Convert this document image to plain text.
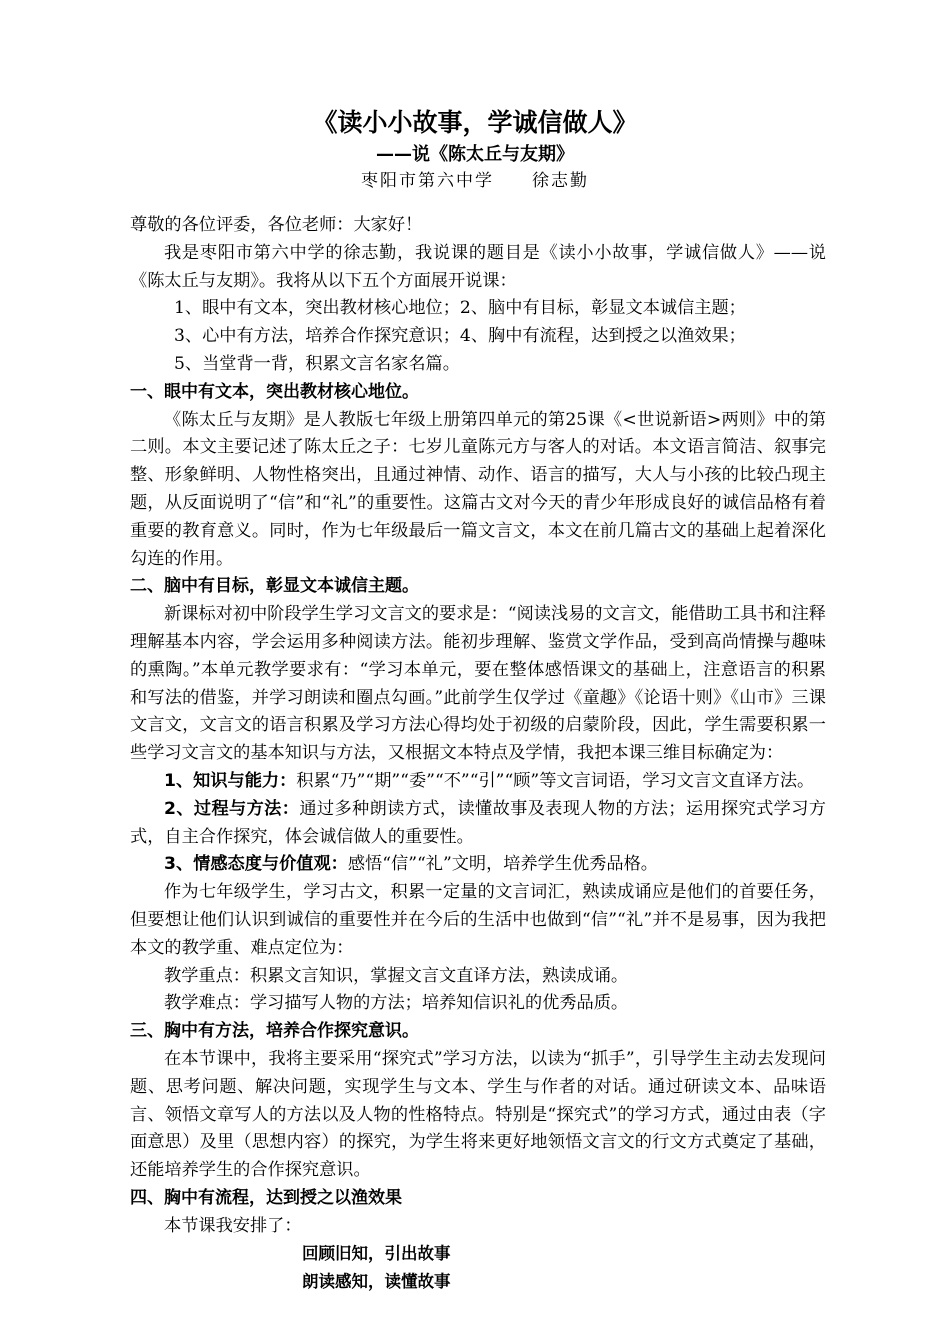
《读小小故事，学诚信做人》
——说《陈太丘与友期》
枣阳市第六中学　　徐志勤

尊敬的各位评委，各位老师：大家好！

我是枣阳市第六中学的徐志勤，我说课的题目是《读小小故事，学诚信做人》——说《陈太丘与友期》。我将从以下五个方面展开说课：

1、眼中有文本，突出教材核心地位；2、脑中有目标，彰显文本诚信主题；

3、心中有方法，培养合作探究意识；4、胸中有流程，达到授之以渔效果；

5、当堂背一背，积累文言名家名篇。

一、眼中有文本，突出教材核心地位。

《陈太丘与友期》是人教版七年级上册第四单元的第25课《<世说新语>两则》中的第二则。本文主要记述了陈太丘之子：七岁儿童陈元方与客人的对话。本文语言简洁、叙事完整、形象鲜明、人物性格突出，且通过神情、动作、语言的描写，大人与小孩的比较凸现主题，从反面说明了“信”和“礼”的重要性。这篇古文对今天的青少年形成良好的诚信品格有着重要的教育意义。同时，作为七年级最后一篇文言文，本文在前几篇古文的基础上起着深化勾连的作用。

二、脑中有目标，彰显文本诚信主题。

新课标对初中阶段学生学习文言文的要求是：“阅读浅易的文言文，能借助工具书和注释理解基本内容，学会运用多种阅读方法。能初步理解、鉴赏文学作品，受到高尚情操与趣味的熏陶。”本单元教学要求有：“学习本单元，要在整体感悟课文的基础上，注意语言的积累和写法的借鉴，并学习朗读和圈点勾画。”此前学生仅学过《童趣》《论语十则》《山市》三课文言文，文言文的语言积累及学习方法心得均处于初级的启蒙阶段，因此，学生需要积累一些学习文言文的基本知识与方法，又根据文本特点及学情，我把本课三维目标确定为：

1、知识与能力：积累“乃”“期”“委”“不”“引”“顾”等文言词语，学习文言文直译方法。

2、过程与方法：通过多种朗读方式，读懂故事及表现人物的方法；运用探究式学习方式，自主合作探究，体会诚信做人的重要性。

3、情感态度与价值观：感悟“信”“礼”文明，培养学生优秀品格。

作为七年级学生，学习古文，积累一定量的文言词汇，熟读成诵应是他们的首要任务，但要想让他们认识到诚信的重要性并在今后的生活中也做到“信”“礼”并不是易事，因为我把本文的教学重、难点定位为：

教学重点：积累文言知识，掌握文言文直译方法，熟读成诵。

教学难点：学习描写人物的方法；培养知信识礼的优秀品质。

三、胸中有方法，培养合作探究意识。

在本节课中，我将主要采用“探究式”学习方法，以读为“抓手”，引导学生主动去发现问题、思考问题、解决问题，实现学生与文本、学生与作者的对话。通过研读文本、品味语言、领悟文章写人的方法以及人物的性格特点。特别是“探究式”的学习方式，通过由表（字面意思）及里（思想内容）的探究，为学生将来更好地领悟文言文的行文方式奠定了基础，还能培养学生的合作探究意识。

四、胸中有流程，达到授之以渔效果

本节课我安排了：

回顾旧知，引出故事

朗读感知，读懂故事
